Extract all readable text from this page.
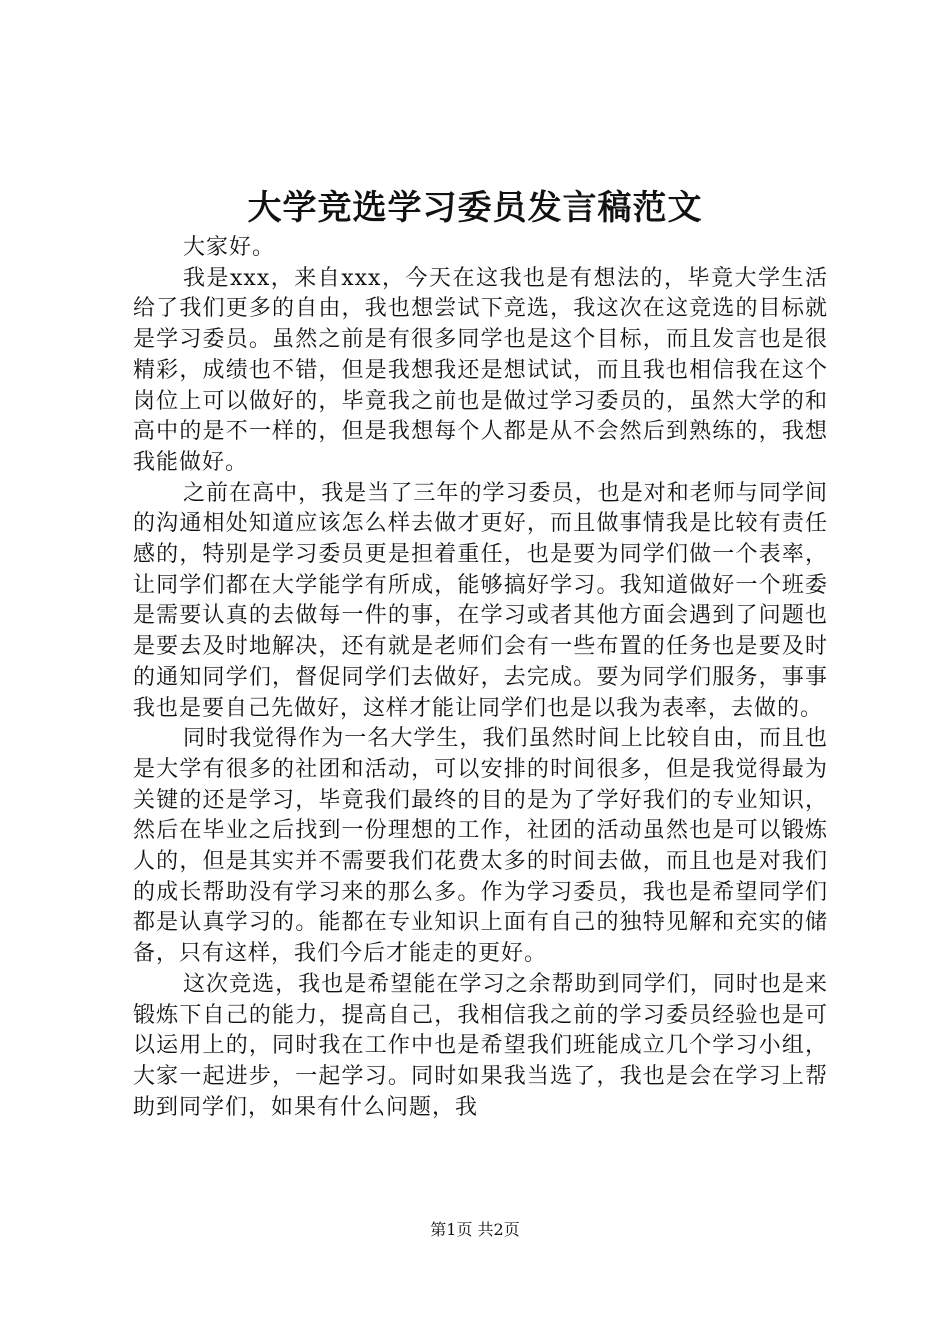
大学竞选学习委员发言稿范文

大家好。

我是xxx，来自xxx，今天在这我也是有想法的，毕竟大学生活给了我们更多的自由，我也想尝试下竞选，我这次在这竞选的目标就是学习委员。虽然之前是有很多同学也是这个目标，而且发言也是很精彩，成绩也不错，但是我想我还是想试试，而且我也相信我在这个岗位上可以做好的，毕竟我之前也是做过学习委员的，虽然大学的和高中的是不一样的，但是我想每个人都是从不会然后到熟练的，我想我能做好。

之前在高中，我是当了三年的学习委员，也是对和老师与同学间的沟通相处知道应该怎么样去做才更好，而且做事情我是比较有责任感的，特别是学习委员更是担着重任，也是要为同学们做一个表率，让同学们都在大学能学有所成，能够搞好学习。我知道做好一个班委是需要认真的去做每一件的事，在学习或者其他方面会遇到了问题也是要去及时地解决，还有就是老师们会有一些布置的任务也是要及时的通知同学们，督促同学们去做好，去完成。要为同学们服务，事事我也是要自己先做好，这样才能让同学们也是以我为表率，去做的。

同时我觉得作为一名大学生，我们虽然时间上比较自由，而且也是大学有很多的社团和活动，可以安排的时间很多，但是我觉得最为关键的还是学习，毕竟我们最终的目的是为了学好我们的专业知识，然后在毕业之后找到一份理想的工作，社团的活动虽然也是可以锻炼人的，但是其实并不需要我们花费太多的时间去做，而且也是对我们的成长帮助没有学习来的那么多。作为学习委员，我也是希望同学们都是认真学习的。能都在专业知识上面有自己的独特见解和充实的储备，只有这样，我们今后才能走的更好。

这次竞选，我也是希望能在学习之余帮助到同学们，同时也是来锻炼下自己的能力，提高自己，我相信我之前的学习委员经验也是可以运用上的，同时我在工作中也是希望我们班能成立几个学习小组，大家一起进步，一起学习。同时如果我当选了，我也是会在学习上帮助到同学们，如果有什么问题，我

第1页 共2页
